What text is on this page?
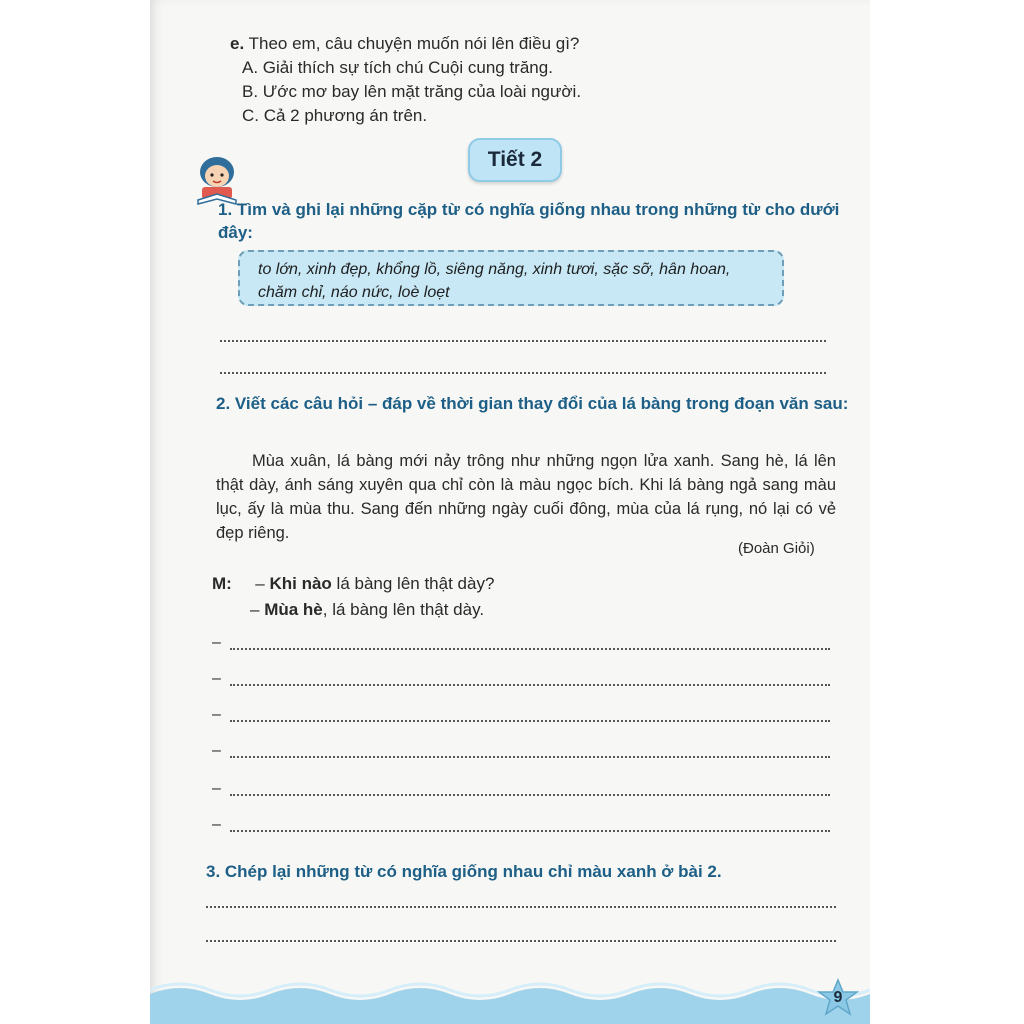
e. Theo em, câu chuyện muốn nói lên điều gì?
A. Giải thích sự tích chú Cuội cung trăng.
B. Ước mơ bay lên mặt trăng của loài người.
C. Cả 2 phương án trên.
Tiết 2
1. Tìm và ghi lại những cặp từ có nghĩa giống nhau trong những từ cho dưới đây:
to lớn, xinh đẹp, khổng lồ, siêng năng, xinh tươi, sặc sỡ, hân hoan, chăm chỉ, náo nức, loè loẹt
2. Viết các câu hỏi – đáp về thời gian thay đổi của lá bàng trong đoạn văn sau:
Mùa xuân, lá bàng mới nảy trông như những ngọn lửa xanh. Sang hè, lá lên thật dày, ánh sáng xuyên qua chỉ còn là màu ngọc bích. Khi lá bàng ngả sang màu lục, ấy là mùa thu. Sang đến những ngày cuối đông, mùa của lá rụng, nó lại có vẻ đẹp riêng.
(Đoàn Giỏi)
M: – Khi nào lá bàng lên thật dày?
– Mùa hè, lá bàng lên thật dày.
–
–
–
–
–
–
3. Chép lại những từ có nghĩa giống nhau chỉ màu xanh ở bài 2.
9
